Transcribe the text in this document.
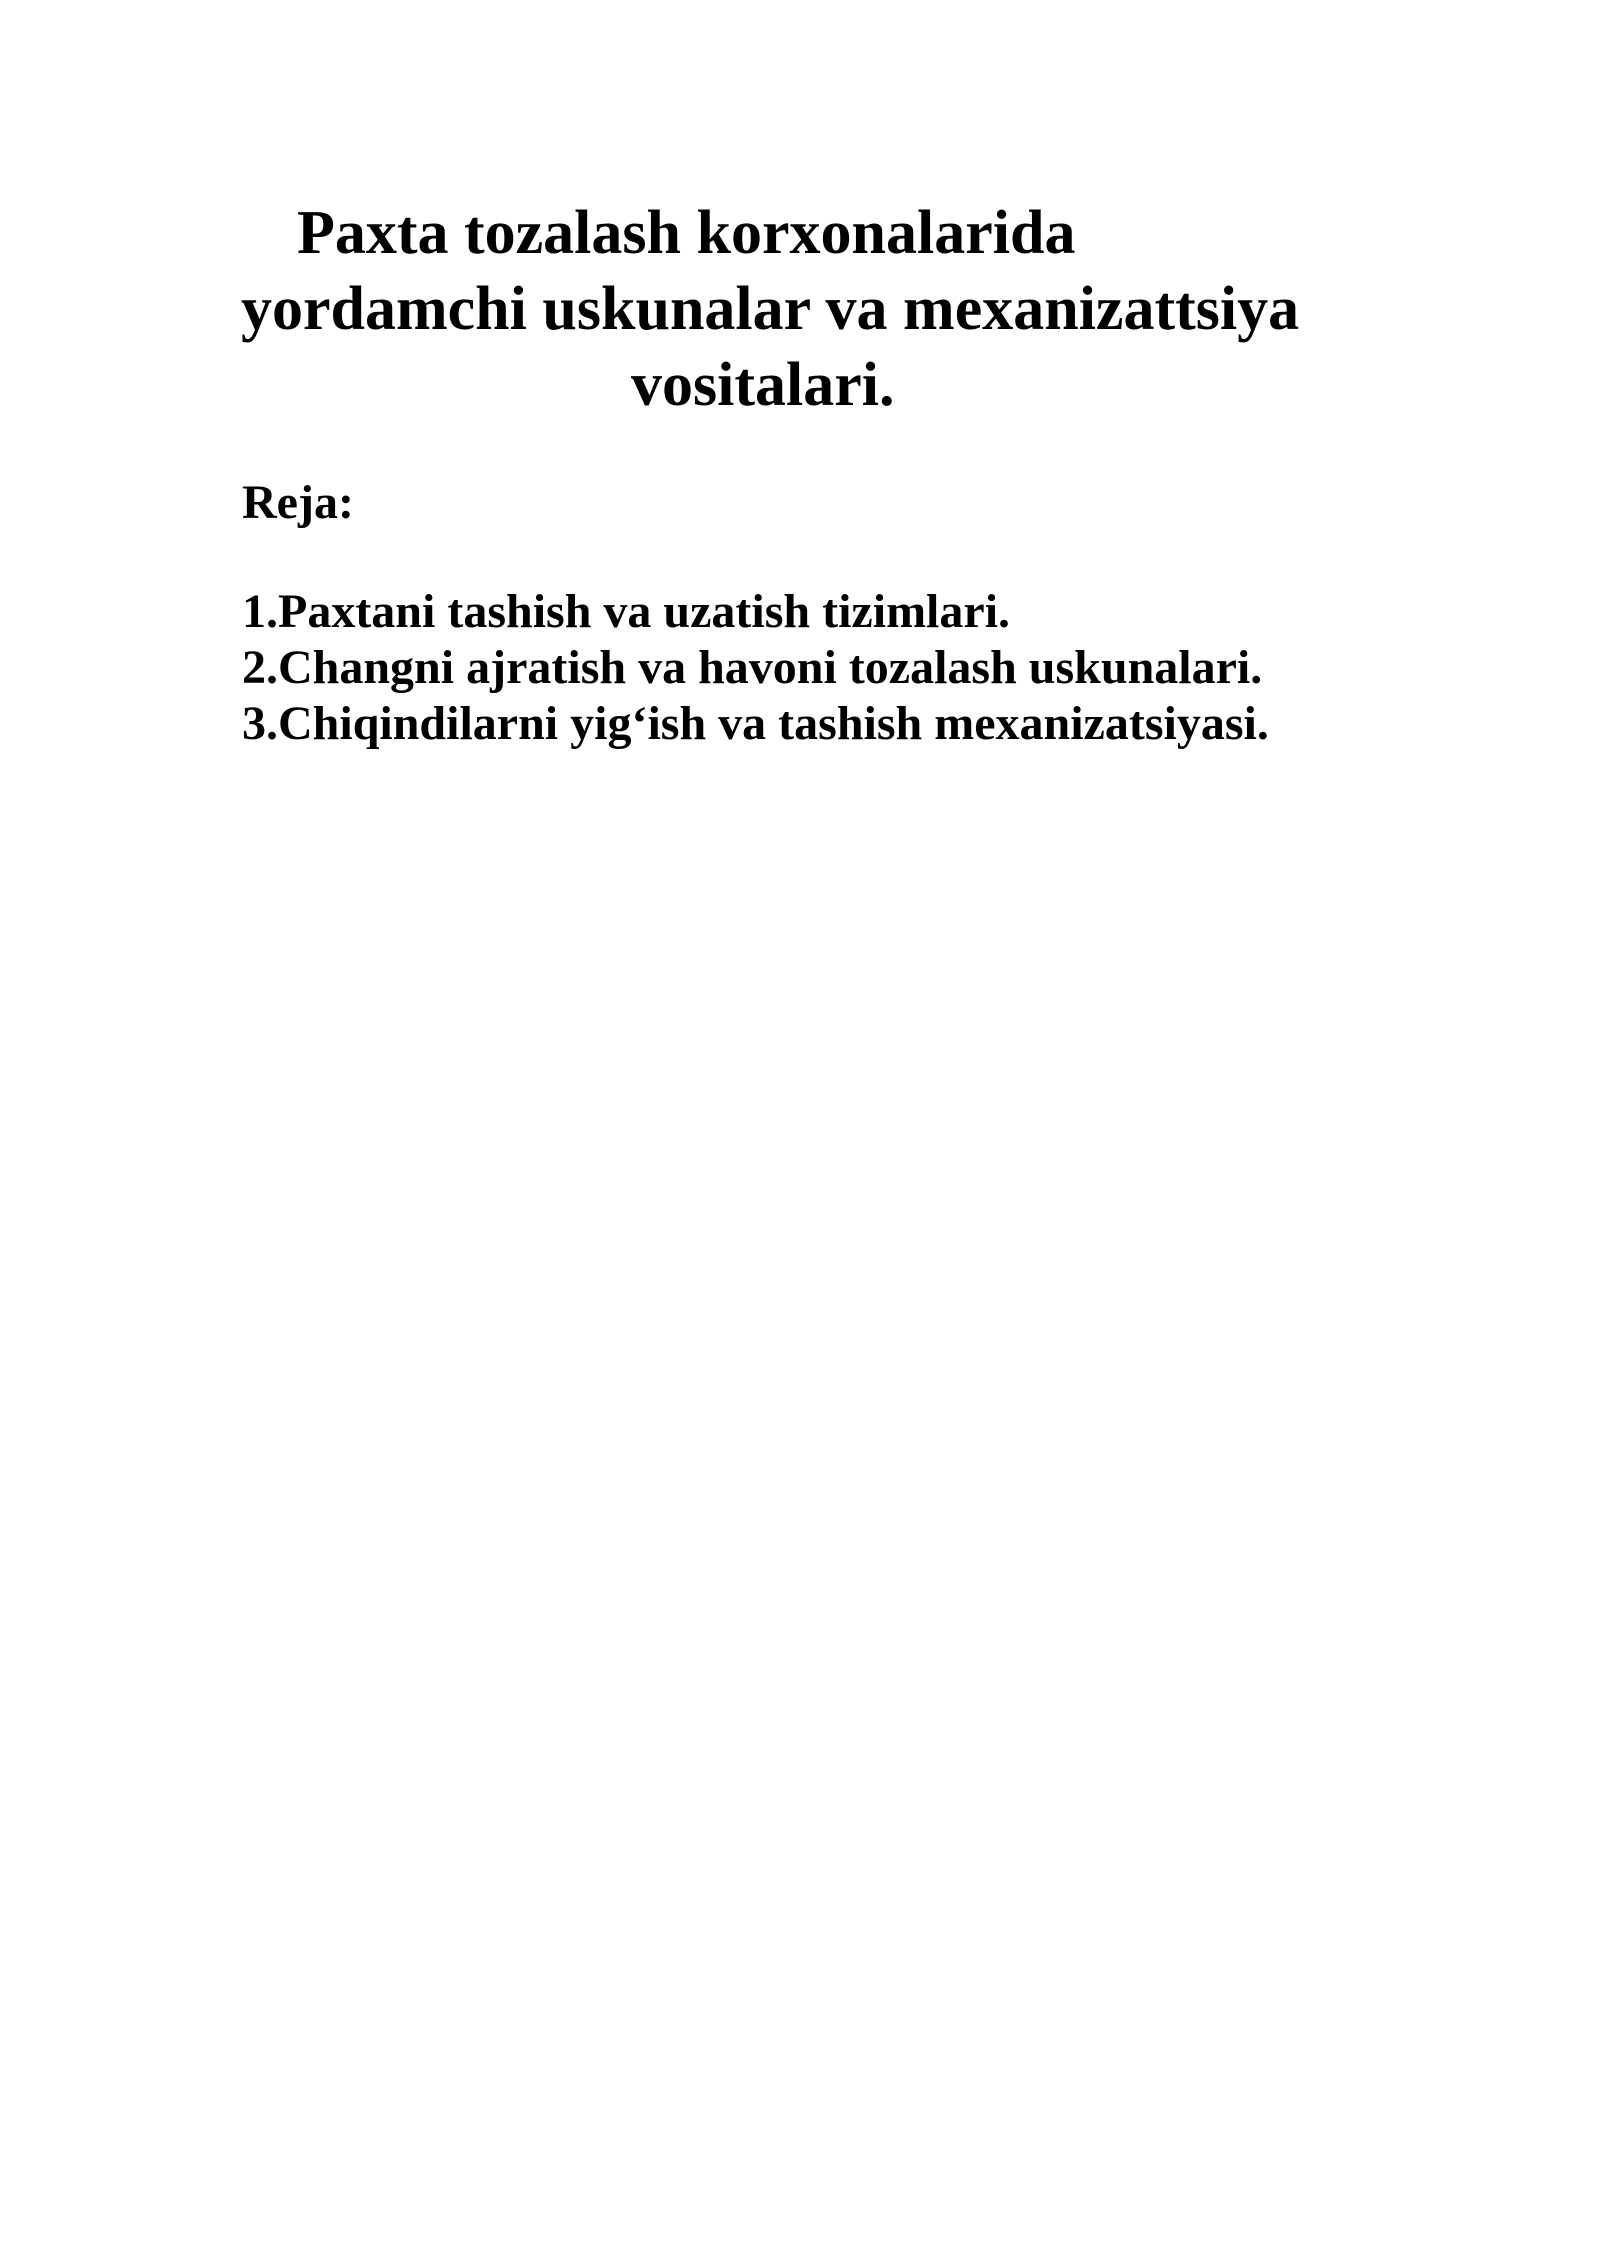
Paxta tozalash korxonalarida
yordamchi uskunalar va mexanizattsiya
vositalari.
Reja:
1.Paxtani tashish va uzatish tizimlari.
2.Changni ajratish va havoni tozalash uskunalari.
3.Chiqindilarni yig‘ish va tashish mexanizatsiyasi.
